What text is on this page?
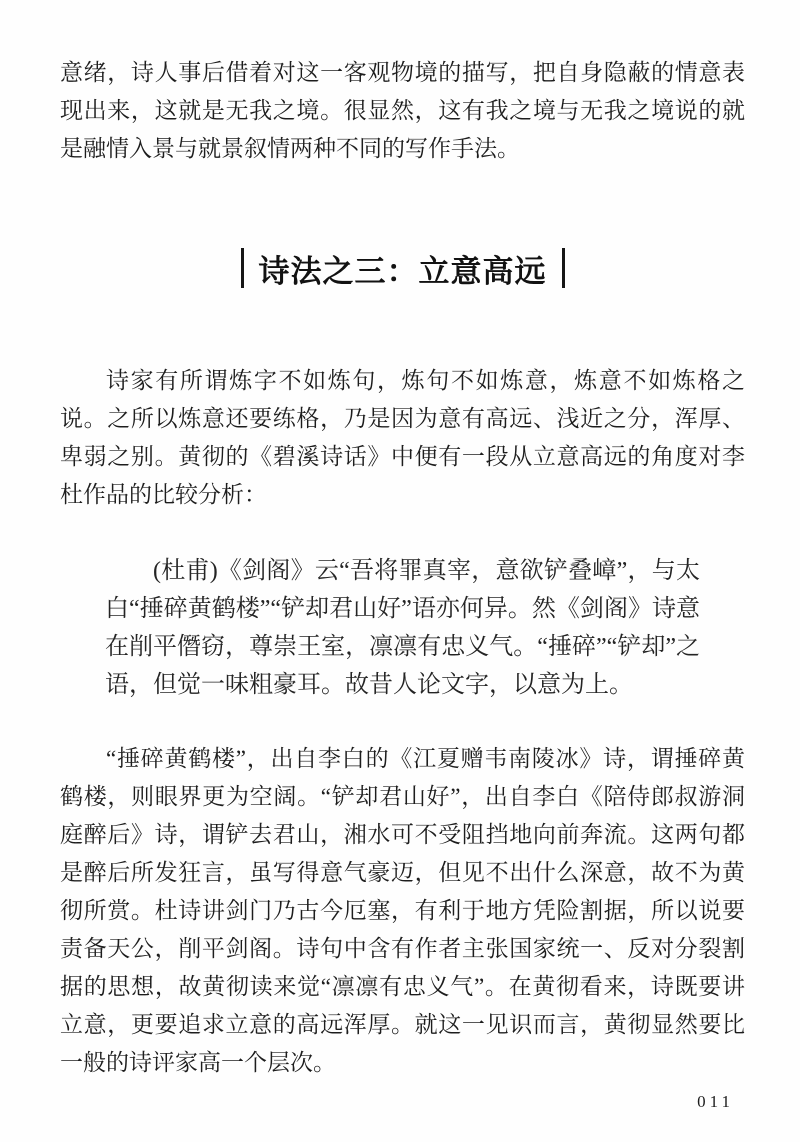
意绪，诗人事后借着对这一客观物境的描写，把自身隐蔽的情意表现出来，这就是无我之境。很显然，这有我之境与无我之境说的就是融情入景与就景叙情两种不同的写作手法。

诗法之三：立意高远

诗家有所谓炼字不如炼句，炼句不如炼意，炼意不如炼格之说。之所以炼意还要练格，乃是因为意有高远、浅近之分，浑厚、卑弱之别。黄彻的《碧溪诗话》中便有一段从立意高远的角度对李杜作品的比较分析：

(杜甫)《剑阁》云“吾将罪真宰，意欲铲叠嶂”，与太白“捶碎黄鹤楼”“铲却君山好”语亦何异。然《剑阁》诗意在削平僭窃，尊崇王室，凛凛有忠义气。“捶碎”“铲却”之语，但觉一味粗豪耳。故昔人论文字，以意为上。

“捶碎黄鹤楼”，出自李白的《江夏赠韦南陵冰》诗，谓捶碎黄鹤楼，则眼界更为空阔。“铲却君山好”，出自李白《陪侍郎叔游洞庭醉后》诗，谓铲去君山，湘水可不受阻挡地向前奔流。这两句都是醉后所发狂言，虽写得意气豪迈，但见不出什么深意，故不为黄彻所赏。杜诗讲剑门乃古今厄塞，有利于地方凭险割据，所以说要责备天公，削平剑阁。诗句中含有作者主张国家统一、反对分裂割据的思想，故黄彻读来觉“凛凛有忠义气”。在黄彻看来，诗既要讲立意，更要追求立意的高远浑厚。就这一见识而言，黄彻显然要比一般的诗评家高一个层次。

011
